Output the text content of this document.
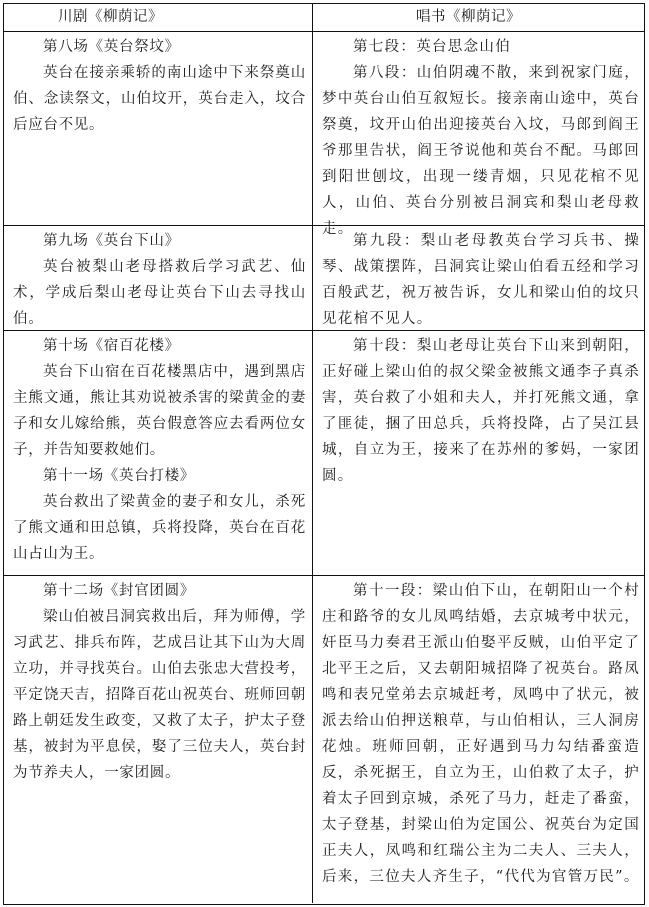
川剧《柳荫记》	唱书《柳荫记》

第八场《英台祭坟》

英台在接亲乘轿的南山途中下来祭奠山伯、念读祭文，山伯坟开，英台走入，坟合后应台不见。

第七段：英台思念山伯

第八段：山伯阴魂不散，来到祝家门庭，梦中英台山伯互叙短长。接亲南山途中，英台祭奠，坟开山伯出迎接英台入坟，马郎到阎王爷那里告状，阎王爷说他和英台不配。马郎回到阳世刨坟，出现一缕青烟，只见花棺不见人，山伯、英台分别被吕洞宾和梨山老母救走。

第九场《英台下山》

英台被梨山老母搭救后学习武艺、仙术，学成后梨山老母让英台下山去寻找山伯。

第九段：梨山老母教英台学习兵书、操琴、战策摆阵，吕洞宾让梁山伯看五经和学习百般武艺，祝万被告诉，女儿和梁山伯的坟只见花棺不见人。

第十场《宿百花楼》

英台下山宿在百花楼黑店中，遇到黑店主熊文通，熊让其劝说被杀害的梁黄金的妻子和女儿嫁给熊，英台假意答应去看两位女子，并告知要救她们。

第十一场《英台打楼》

英台救出了梁黄金的妻子和女儿，杀死了熊文通和田总镇，兵将投降，英台在百花山占山为王。

第十段：梨山老母让英台下山来到朝阳，正好碰上梁山伯的叔父梁金被熊文通李子真杀害，英台救了小姐和夫人，并打死熊文通，拿了匪徒，捆了田总兵，兵将投降，占了吴江县城，自立为王，接来了在苏州的爹妈，一家团圆。

第十二场《封官团圆》

梁山伯被吕洞宾救出后，拜为师傅，学习武艺、排兵布阵，艺成吕让其下山为大周立功，并寻找英台。山伯去张忠大营投考，平定饶天吉，招降百花山祝英台、班师回朝路上朝廷发生政变，又救了太子，护太子登基，被封为平息侯，娶了三位夫人，英台封为节养夫人，一家团圆。

第十一段：梁山伯下山，在朝阳山一个村庄和路爷的女儿凤鸣结婚，去京城考中状元，奸臣马力奏君王派山伯娶平反贼，山伯平定了北平王之后，又去朝阳城招降了祝英台。路凤鸣和表兄堂弟去京城赶考，凤鸣中了状元，被派去给山伯押送粮草，与山伯相认，三人洞房花烛。班师回朝，正好遇到马力勾结番蛮造反，杀死据王，自立为王，山伯救了太子，护着太子回到京城，杀死了马力，赶走了番蛮，太子登基，封梁山伯为定国公、祝英台为定国正夫人，凤鸣和红瑞公主为二夫人、三夫人，后来，三位夫人齐生子，“代代为官管万民”。
